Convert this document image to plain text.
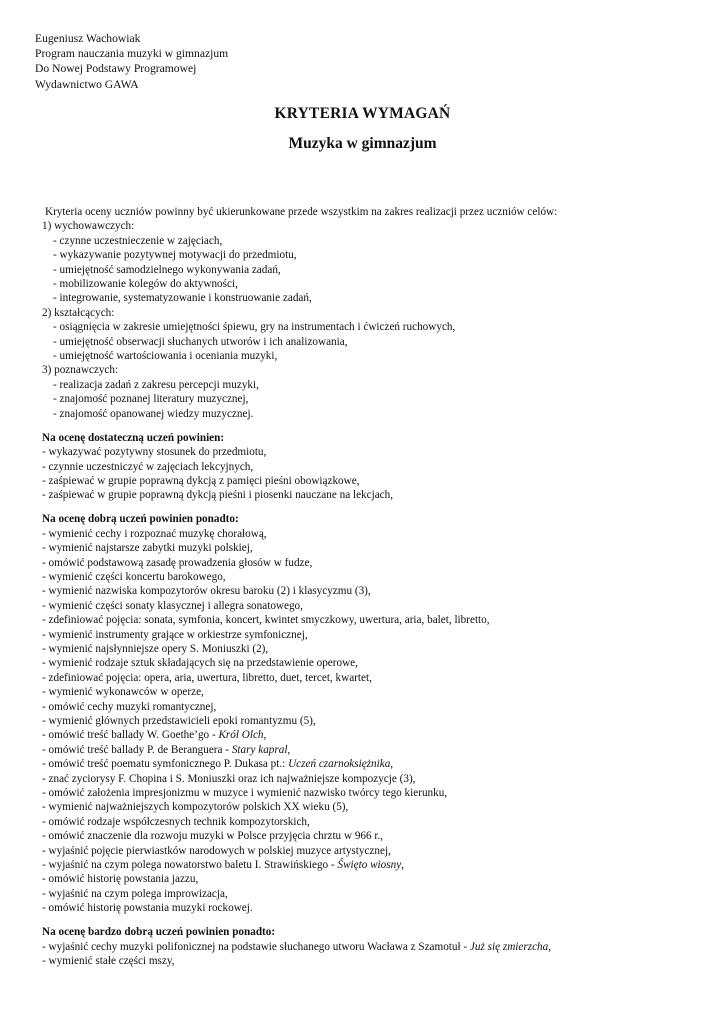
Eugeniusz Wachowiak
Program nauczania muzyki w gimnazjum
Do Nowej Podstawy Programowej
Wydawnictwo GAWA
KRYTERIA WYMAGAŃ
Muzyka w gimnazjum
Kryteria oceny uczniów powinny być ukierunkowane przede wszystkim na zakres realizacji przez uczniów celów:
1) wychowawczych:
- czynne uczestnieczenie w zajęciach,
- wykazywanie pozytywnej motywacji do przedmiotu,
- umiejętność samodzielnego wykonywania zadań,
- mobilizowanie kolegów do aktywności,
- integrowanie, systematyzowanie i konstruowanie zadań,
2) kształcących:
- osiągnięcia w zakresie umiejętności śpiewu, gry na instrumentach i ćwiczeń ruchowych,
- umiejętność obserwacji słuchanych utworów i ich analizowania,
- umiejętność wartościowania i oceniania muzyki,
3) poznawczych:
- realizacja zadań z zakresu percepcji muzyki,
- znajomość poznanej literatury muzycznej,
- znajomość opanowanej wiedzy muzycznej.
Na ocenę dostateczną uczeń powinien:
- wykazywać pozytywny stosunek do przedmiotu,
- czynnie uczestniczyć w zajęciach lekcyjnych,
- zaśpiewać w grupie poprawną dykcją z pamięci pieśni obowiązkowe,
- zaśpiewać w grupie poprawną dykcją pieśni i piosenki nauczane na lekcjach,
Na ocenę dobrą uczeń powinien ponadto:
- wymienić cechy i rozpoznać muzykę chorałową,
- wymienić najstarsze zabytki muzyki polskiej,
- omówić podstawową zasadę prowadzenia głosów w fudze,
- wymienić części koncertu barokowego,
- wymienić nazwiska kompozytorów okresu baroku (2) i klasycyzmu (3),
- wymienić części sonaty klasycznej i allegra sonatowego,
- zdefiniować pojęcia: sonata, symfonia, koncert, kwintet smyczkowy, uwertura, aria, balet, libretto,
- wymienić instrumenty grające w orkiestrze symfonicznej,
- wymienić najsłynniejsze opery S. Moniuszki (2),
- wymienić rodzaje sztuk składających się na przedstawienie operowe,
- zdefiniować pojęcia: opera, aria, uwertura, libretto, duet, tercet, kwartet,
- wymienić wykonawców w operze,
- omówić cechy muzyki romantycznej,
- wymienić głównych przedstawicieli epoki romantyzmu (5),
- omówić treść ballady W. Goethe’go - Król Olch,
- omówić treść ballady P. de Beranguera - Stary kapral,
- omówić treść poematu symfonicznego P. Dukasa pt.: Uczeń czarnoksiężnika,
- znać zyciorysy F. Chopina i S. Moniuszki oraz ich najważniejsze kompozycje (3),
- omówić założenia impresjonizmu w muzyce i wymienić nazwisko twórcy tego kierunku,
- wymienić najważniejszych kompozytorów polskich XX wieku (5),
- omówić rodzaje współczesnych technik kompozytorskich,
- omówić znaczenie dla rozwoju muzyki w Polsce przyjęcia chrztu w 966 r.,
- wyjaśnić pojęcie pierwiastków narodowych w polskiej muzyce artystycznej,
- wyjaśnić na czym polega nowatorstwo baletu I. Strawińskiego - Święto wiosny,
- omówić historię powstania jazzu,
- wyjaśnić na czym polega improwizacja,
- omówić historię powstania muzyki rockowej.
Na ocenę bardzo dobrą uczeń powinien ponadto:
- wyjaśnić cechy muzyki polifonicznej na podstawie słuchanego utworu Wacława z Szamotuł - Już się zmierzcha,
- wymienić stałe części mszy,
